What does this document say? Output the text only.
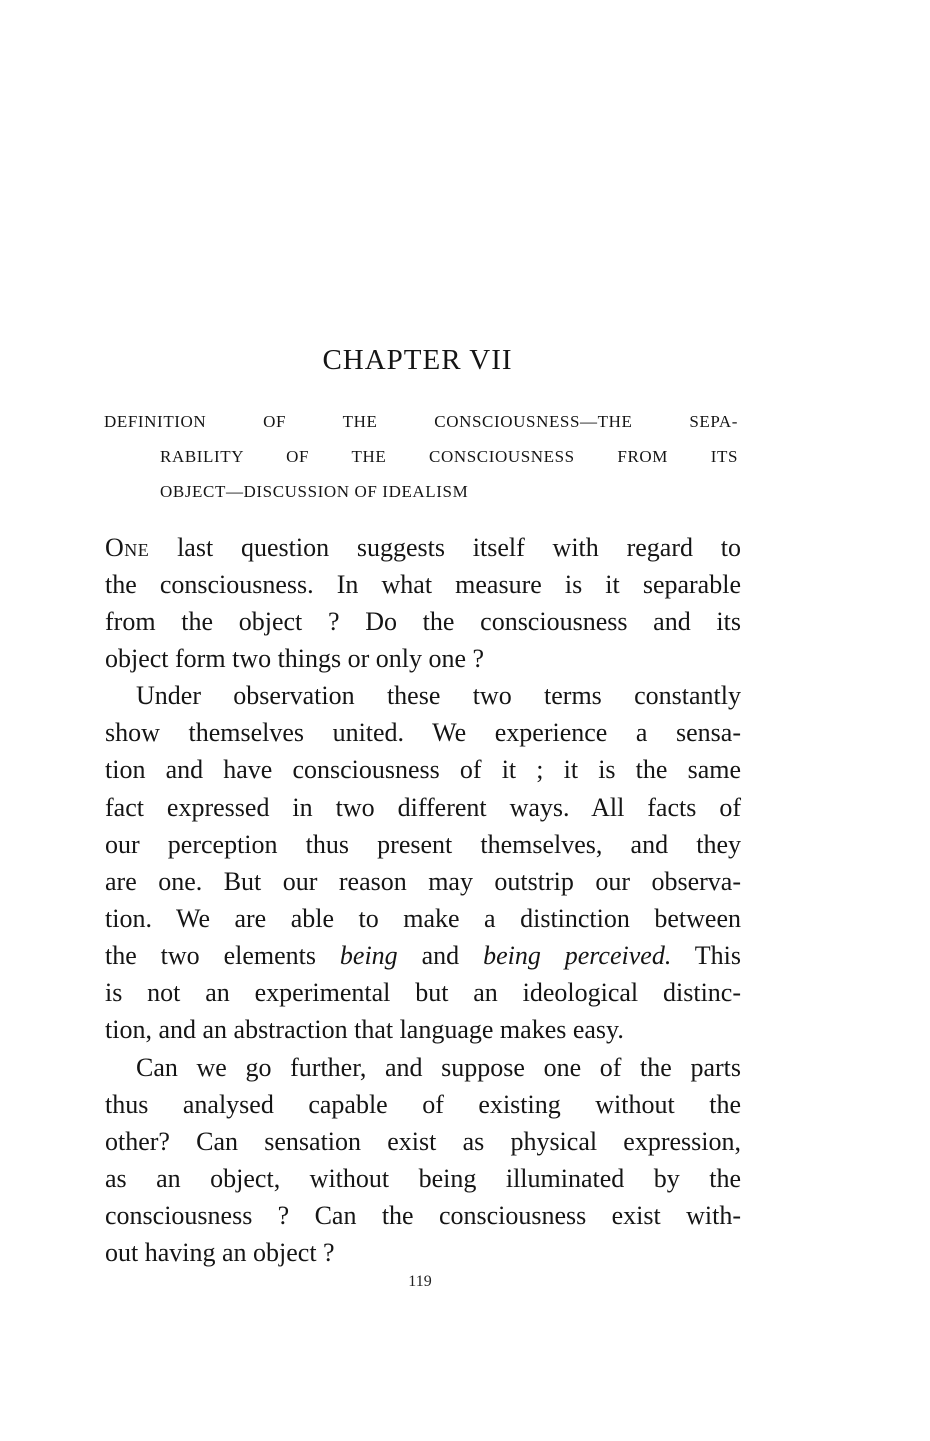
CHAPTER VII
DEFINITION OF THE CONSCIOUSNESS—THE SEPA-
RABILITY OF THE CONSCIOUSNESS FROM ITS
OBJECT—DISCUSSION OF IDEALISM
One last question suggests itself with regard to
the consciousness. In what measure is it separable
from the object ? Do the consciousness and its
object form two things or only one ?
Under observation these two terms constantly
show themselves united. We experience a sensa-
tion and have consciousness of it ; it is the same
fact expressed in two different ways. All facts of
our perception thus present themselves, and they
are one. But our reason may outstrip our observa-
tion. We are able to make a distinction between
the two elements being and being perceived. This
is not an experimental but an ideological distinc-
tion, and an abstraction that language makes easy.
Can we go further, and suppose one of the parts
thus analysed capable of existing without the
other? Can sensation exist as physical expression,
as an object, without being illuminated by the
consciousness ? Can the consciousness exist with-
out having an object ?
119
